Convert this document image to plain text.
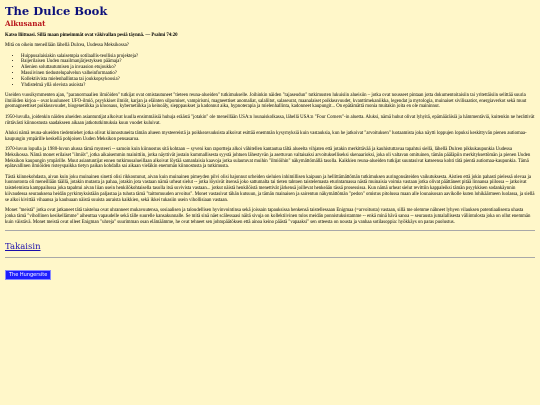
The Dulce Book
Alkusanat

Katso lliittoasi. Sillä maan pimeimmät ovat väkivallan pesiä täynnä. — Psalmi 74:20

Mitä on oikein meneillään lähellä Dulcea, Uudessa Meksikossa?

• Huippusalaisiakin salaisempia sotilaallis-teollisia projekteja?
• Baijerilaisen Uuden maailmanjärjestyksen päämaja?
• Alienien soluttautumisen ja invaasion etujoukko?
• Massiivinen tiedustelupalvelun valheinformaatio?
• Kollektiivista mielenhallintaa tai joukkopsykoosia?
• Yhdistelmä yllä olevista asioista?

Useiden vuosikymmenten ajan, "paranormaalien ilmiöiden" tutkijat ovat omistautuneet "tieteen reuna-alueiden" tutkimukselle. Joihinkin näiden "rajaseudun" tutkimusten lukuisiin alueisiin – jotka ovat nousseet pintaan jotta dokumentoitaisiin tai yritettäisiin selittää suuria ilmiöiden kirjoa – ovat kuuluneet: UFO-ilmiö, psyykkiset ilmiöt, karjan ja eläinten silpomiset, vampirismi, magneettiset anomaliat, salaliitot, salaseurat, maanalaiset poikkeavuudet, kvanttimekaniikka, legendat ja mytologia, muinaiset sivilisaatiot, energiaverkot sekä muut geomagneettiset poikkeavuudet, biogenetiikka ja kloonaus, kybernetiikka ja keinoäly, siepppaukset ja kadonnut aika, hypnoterapia ja mielenhallinta, kadonneet kaupungit... On epätämättä monia muitakin joita en ole maininnut.

1950-luvulla, joidenkin näiden alueiden asiantuntijat alkoivat kuulla ensimmäisiä huhuja eräästä "jotakin" ole meneillään USA:n lounaiskolkassa, lähellä USA:n "Four Corners"-in aluetta. Aluksi, nämä huhut olivat lyhyitä, epämääräisiä ja hämmentäviä, kuitenkin ne herättivät riittävästi kiinnostusta saadakseen aikaan jatkotutkimuksia kuun vuodet kuluivat.

Aluksi nämä reuna-alueiden tiedemiehet jotka olivat kiinnostuneita tämän alueen mysteereistä ja poikkeavuuksista alkoivat esittää enemmän kysymyksiä kuin vastauksia, kun he jatkoivat "arvoituksen" luotaamista joka näytti loppujen lopuksi keskittyvän pienen autiomaa-kaupungin ympärille keskellä pohjoisen Uuden Meksikon pensasaroa.

1970-luvun lopulla ja 1980-luvun alussa tämä mysteeri -- samoin kuin kiinnostus sitä kohtaan -- syveni kun raportteja alkoi vähitellen kantautua tältä alueelta vihjaten että jotakin merkittävää ja kauhistuttavaa tapahtui siellä, lähellä Dulcen pikkukaupunkia Uudessa Meksikossa. Nämä monet erilaiset "ilmiöt", jotka aikaisemmin mainittiin, jotka näyttivät jostain kummallisesta syystä johtuen lähestyvän ja asettuvan valtaisaksi arvoitukselliseksi skenaarioksi, joka oli valtavan omituinen, tämän pääläpiin merkityksettömän ja pienen Uuden Meksikon kaupungin ympärille. Muut asiantuntijat ennen tutkimusalueillaan alkoivat löytää samanlaisia kaavoja jotka sulautuvat muihin "ilmiöihin" näkymättömällä tasolla. Kaikkien reuna-alueiden tutkijat suuntasivat katseensa kohti tätä pientä autiomaa-kaupunkia. Tämä epätavallinen ilmiöiden risteyspaikka tietyn paikan kohdalla sai aikaan vieläkin enemmän kiinnostusta ja tutkimusta.

Tästä kiinnekohdasta, aivan kuin joku muinainen sinetti olisi rikkoutunut, aivan kuin muinainen pimeyden pilvi olisi hajonnut urheiden sieluien inhimillisen kaipuun ja hellittämättömän tutkimuksen auringonsäteiden vaikutuksesta. Aistien että jokin pahasti pielessä olevaa ja luonnotonta oli meneillään täällä, jotakin mutasta ja pahaa, jotakin jota vastaan nämä urheat sielut -- jotka löysivät itsensä joko sattumalta tai tieten tahtoen taistelemasta eturintamassa nästä muinaisia voimia vastaan jotka olivat päättäneet pitää linnansa piilossa -- jatkoivat taistelemista kamppailussa joka tapahtui aivan liian usein henkilökohtaisella tasolla itsä suvivista vastaan... jotkut näistä henkilöistä menettivät järkensä joillevat henkeään tässä prosessissa. Kun nämä urheat sielut revittiin kappaleiksi tämän psyykkisen sodankäynnin kiivaudessa seurauksena heidän pyrkimyksistään paljastaa ja tuhota tämä "taittomuuden arvoitus". Monet vastasivat tähän kutsuun, ja tämän mainaisen ja sairentun näkymättömän "pedon" omistus pitolussa maan alle lounaisosan aavikolle kuten lohikäärmeen luolassa, ja siellä se alkoi kivittää vihaansa ja kauhuaan näistä suuista auraista kaikkien, sekä ikkei tukasiin usein vihollisiaan vastaan.

Monet "meistä" jotka ovat jatkaneet tätä taistelua ovat uhranneet mukavuutensa, sosiaalisen ja taloudellisen hyvinvointinsa sekä joissain tapauksissa henkensä taistellessaan Enigmaa (=arvoitusta) vastaan, sillä me olemme nähneet lyhyen vilauksen potentiaalisesta uhasta jonka tämä "vihollinen kesikellämme" aiheuttaa vapaudelle sekä tälle suurelle kansakunnalle. Se mitä sinä näet scälessaasi näitä sivuja on kollektiivinen tulos meidän ponnistuksistamme -- enkä minä hävä sanoa -- seurausta jumalallisesta väliintulosta joka on ollut enemmän kuin väistävä. Monet meistä ovat olleet Enigman "uhreja" suurimman osan elämäämme, he ovat tehneet sen johtopäätöksen että ainoa keino päästä "vapaaksi" sen otteesta on nousta ja vanhaa sotilasoppia: hyökkäys on paras puolustus.

Takaisin
The Hungersite
